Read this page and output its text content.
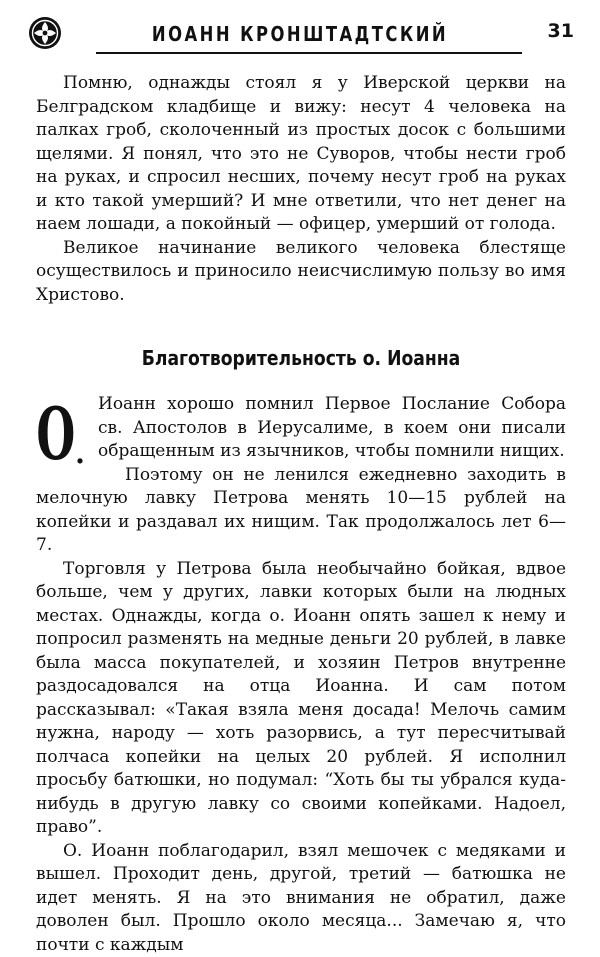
ИОАНН КРОНШТАДТСКИЙ	31

Помню, однажды стоял я у Иверской церкви на Белградском кладбище и вижу: несут 4 человека на палках гроб, сколоченный из простых досок с большими щелями. Я понял, что это не Суворов, чтобы нести гроб на руках, и спросил несших, почему несут гроб на руках и кто такой умерший? И мне ответили, что нет денег на наем лошади, а покойный — офицер, умерший от голода.

Великое начинание великого человека блестяще осуществилось и приносило неисчислимую пользу во имя Христово.

Благотворительность о. Иоанна

О .
Иоанн хорошо помнил Первое Послание Собора св. Апостолов в Иерусалиме, в коем они писали обращенным из язычников, чтобы помнили нищих.

Поэтому он не ленился ежедневно заходить в мелочную лавку Петрова менять 10—15 рублей на копейки и раздавал их нищим. Так продолжалось лет 6—7.

Торговля у Петрова была необычайно бойкая, вдвое больше, чем у других, лавки которых были на людных местах. Однажды, когда о. Иоанн опять зашел к нему и попросил разменять на медные деньги 20 рублей, в лавке была масса покупателей, и хозяин Петров внутренне раздосадовался на отца Иоанна. И сам потом рассказывал: «Такая взяла меня досада! Мелочь самим нужна, народу — хоть разорвись, а тут пересчитывай полчаса копейки на целых 20 рублей. Я исполнил просьбу батюшки, но подумал: “Хоть бы ты убрался куда-нибудь в другую лавку со своими копейками. Надоел, право”.

О. Иоанн поблагодарил, взял мешочек с медяками и вышел. Проходит день, другой, третий — батюшка не идет менять. Я на это внимания не обратил, даже доволен был. Прошло около месяца... Замечаю я, что почти с каждым
